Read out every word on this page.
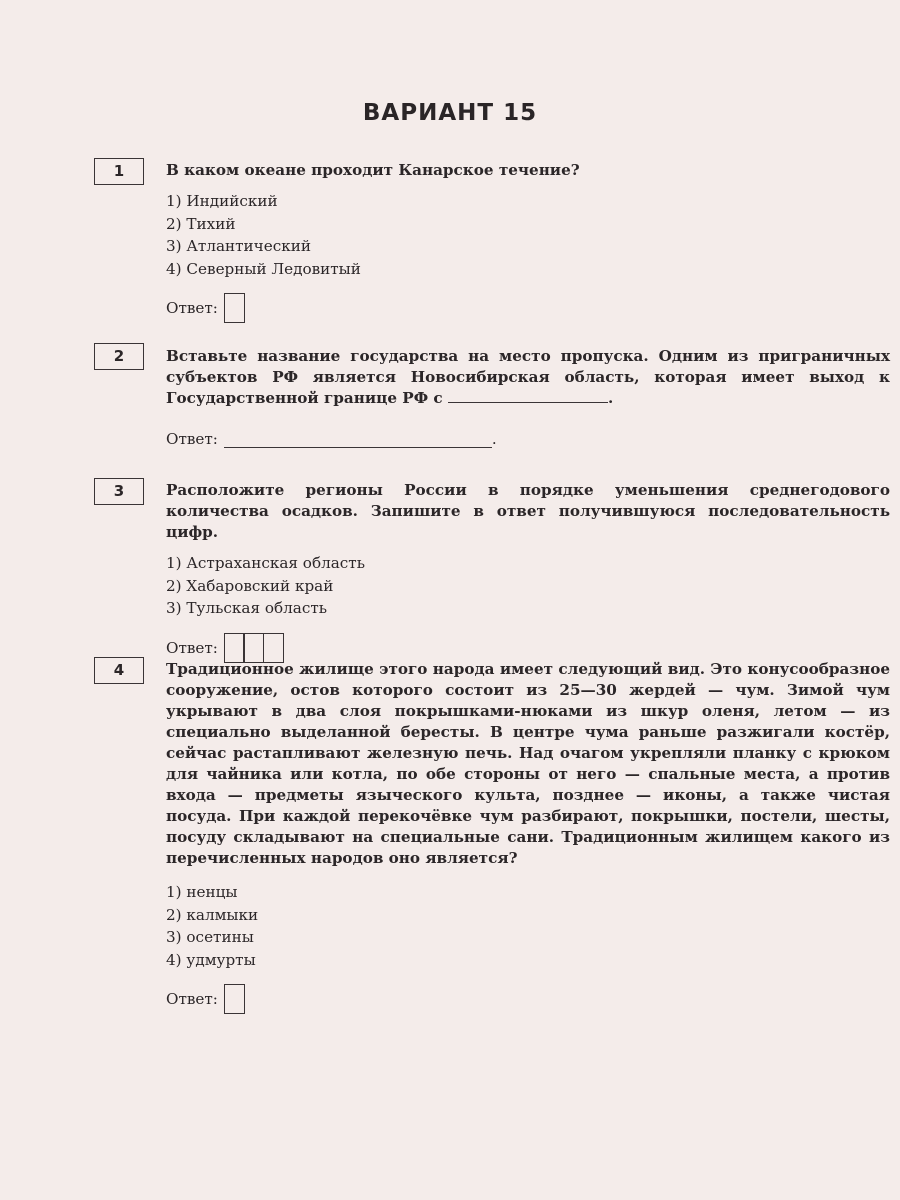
ВАРИАНТ 15
1	В каком океане проходит Канарское течение?

1) Индийский
2) Тихий
3) Атлантический
4) Северный Ледовитый
Ответ:
2	Вставьте название государства на место пропуска. Одним из приграничных субъектов РФ является Новосибирская область, которая имеет выход к Государственной границе РФ с	.

Ответ:	.
3	Расположите регионы России в порядке уменьшения среднегодового количества осадков. Запишите в ответ получившуюся последовательность цифр.

1) Астраханская область
2) Хабаровский край
3) Тульская область
Ответ:
4	Традиционное жилище этого народа имеет следующий вид. Это конусообразное сооружение, остов которого состоит из 25—30 жердей — чум. Зимой чум укрывают в два слоя покрышками-нюками из шкур оленя, летом — из специально выделанной бересты. В центре чума раньше разжигали костёр, сейчас растапливают железную печь. Над очагом укрепляли планку с крюком для чайника или котла, по обе стороны от него — спальные места, а против входа — предметы языческого культа, позднее — иконы, а также чистая посуда. При каждой перекочёвке чум разбирают, покрышки, постели, шесты, посуду складывают на специальные сани. Традиционным жилищем какого из перечисленных народов оно является?

1) ненцы
2) калмыки
3) осетины
4) удмурты
Ответ:
